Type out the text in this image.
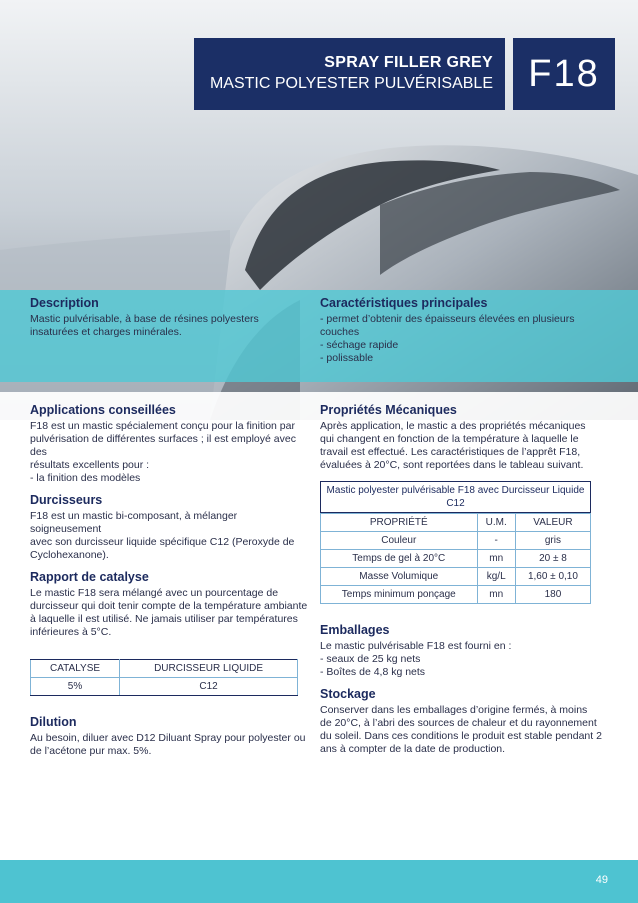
SPRAY FILLER GREY
MASTIC POLYESTER PULVÉRISABLE F18
Description

Mastic pulvérisable, à base de résines polyesters
insaturées et charges minérales.

Caractéristiques principales

- permet d’obtenir des épaisseurs élevées en plusieurs
couches

- séchage rapide

- polissable

Applications conseillées

F18 est un mastic spécialement conçu pour la finition par
pulvérisation de différentes surfaces ; il est employé avec des
résultats excellents pour :
- la finition des modèles

Durcisseurs

F18 est un mastic bi-composant, à mélanger soigneusement
avec son durcisseur liquide spécifique C12 (Peroxyde de
Cyclohexanone).

Rapport de catalyse

Le mastic F18 sera mélangé avec un pourcentage de
durcisseur qui doit tenir compte de la température ambiante
à laquelle il est utilisé. Ne jamais utiliser par températures
inférieures à 5°C.

CATALYSE	DURCISSEUR LIQUIDE
5%	C12
Dilution

Au besoin, diluer avec D12 Diluant Spray pour polyester ou
de l’acétone pur max. 5%.

Propriétés Mécaniques

Après application, le mastic a des propriétés mécaniques
qui changent en fonction de la température à laquelle le
travail est effectué. Les caractéristiques de l’apprêt F18,
évaluées à 20°C, sont reportées dans le tableau suivant.

Mastic polyester pulvérisable F18 avec Durcisseur Liquide C12
PROPRIÉTÉ	U.M.	VALEUR
Couleur	-	gris
Temps de gel à 20°C	mn	20 ± 8
Masse Volumique	kg/L	1,60 ± 0,10
Temps minimum ponçage	mn	180
Emballages

Le mastic pulvérisable F18 est fourni en :
- seaux de 25 kg nets
- Boîtes de 4,8 kg nets

Stockage

Conserver dans les emballages d’origine fermés, à moins
de 20°C, à l’abri des sources de chaleur et du rayonnement
du soleil. Dans ces conditions le produit est stable pendant 2
ans à compter de la date de production.

49
